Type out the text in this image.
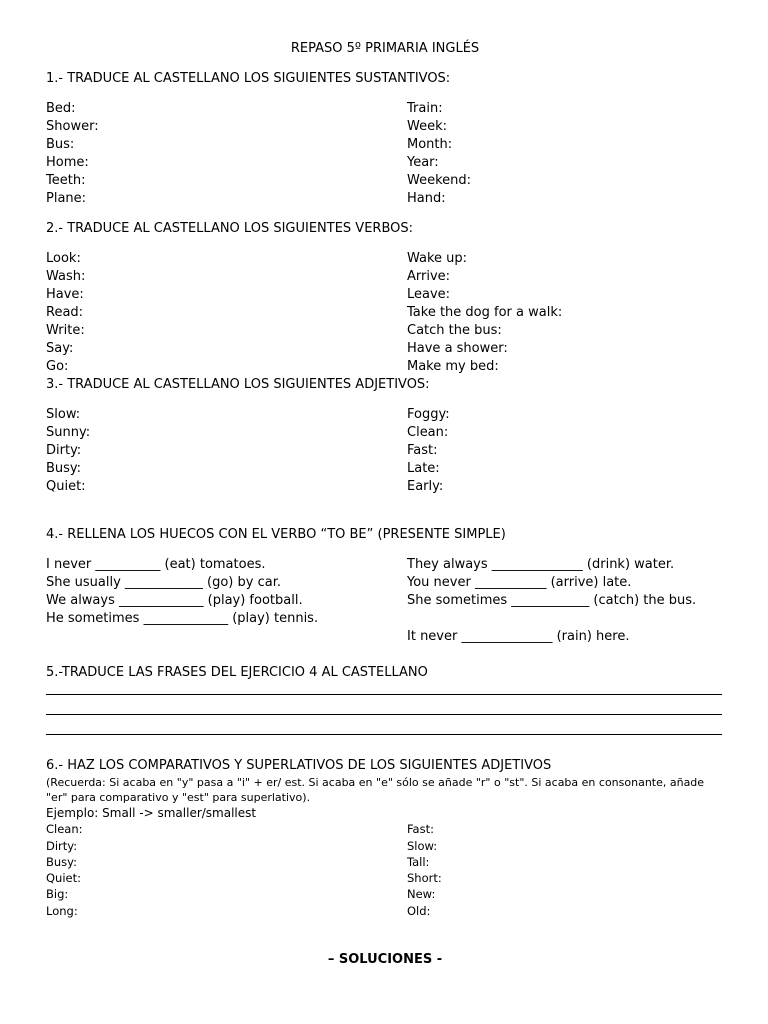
REPASO 5º PRIMARIA INGLÉS
1.- TRADUCE AL CASTELLANO LOS SIGUIENTES SUSTANTIVOS:
Bed:
Shower:
Bus:
Home:
Teeth:
Plane:
Train:
Week:
Month:
Year:
Weekend:
Hand:
2.- TRADUCE AL CASTELLANO LOS SIGUIENTES VERBOS:
Look:
Wash:
Have:
Read:
Write:
Say:
Go:
Wake up:
Arrive:
Leave:
Take the dog for a walk:
Catch the bus:
Have a shower:
Make my bed:
3.- TRADUCE AL CASTELLANO LOS SIGUIENTES ADJETIVOS:
Slow:
Sunny:
Dirty:
Busy:
Quiet:
Foggy:
Clean:
Fast:
Late:
Early:
4.- RELLENA LOS HUECOS CON EL VERBO “TO BE” (PRESENTE SIMPLE)
I never __________ (eat) tomatoes.
She usually ____________ (go) by car.
We always _____________ (play) football.
He sometimes _____________ (play) tennis.
They always ______________ (drink) water.
You never ___________ (arrive) late.
She sometimes ____________ (catch) the bus.
It never ______________ (rain) here.
5.-TRADUCE LAS FRASES DEL EJERCICIO 4 AL CASTELLANO
6.- HAZ LOS COMPARATIVOS Y SUPERLATIVOS DE LOS SIGUIENTES ADJETIVOS
(Recuerda: Si acaba en "y" pasa a "i" + er/ est. Si acaba en "e" sólo se añade "r" o "st". Si acaba en consonante, añade "er" para comparativo y "est" para superlativo).
Ejemplo: Small -> smaller/smallest
Clean:
Dirty:
Busy:
Quiet:
Big:
Long:
Fast:
Slow:
Tall:
Short:
New:
Old:
– SOLUCIONES -
